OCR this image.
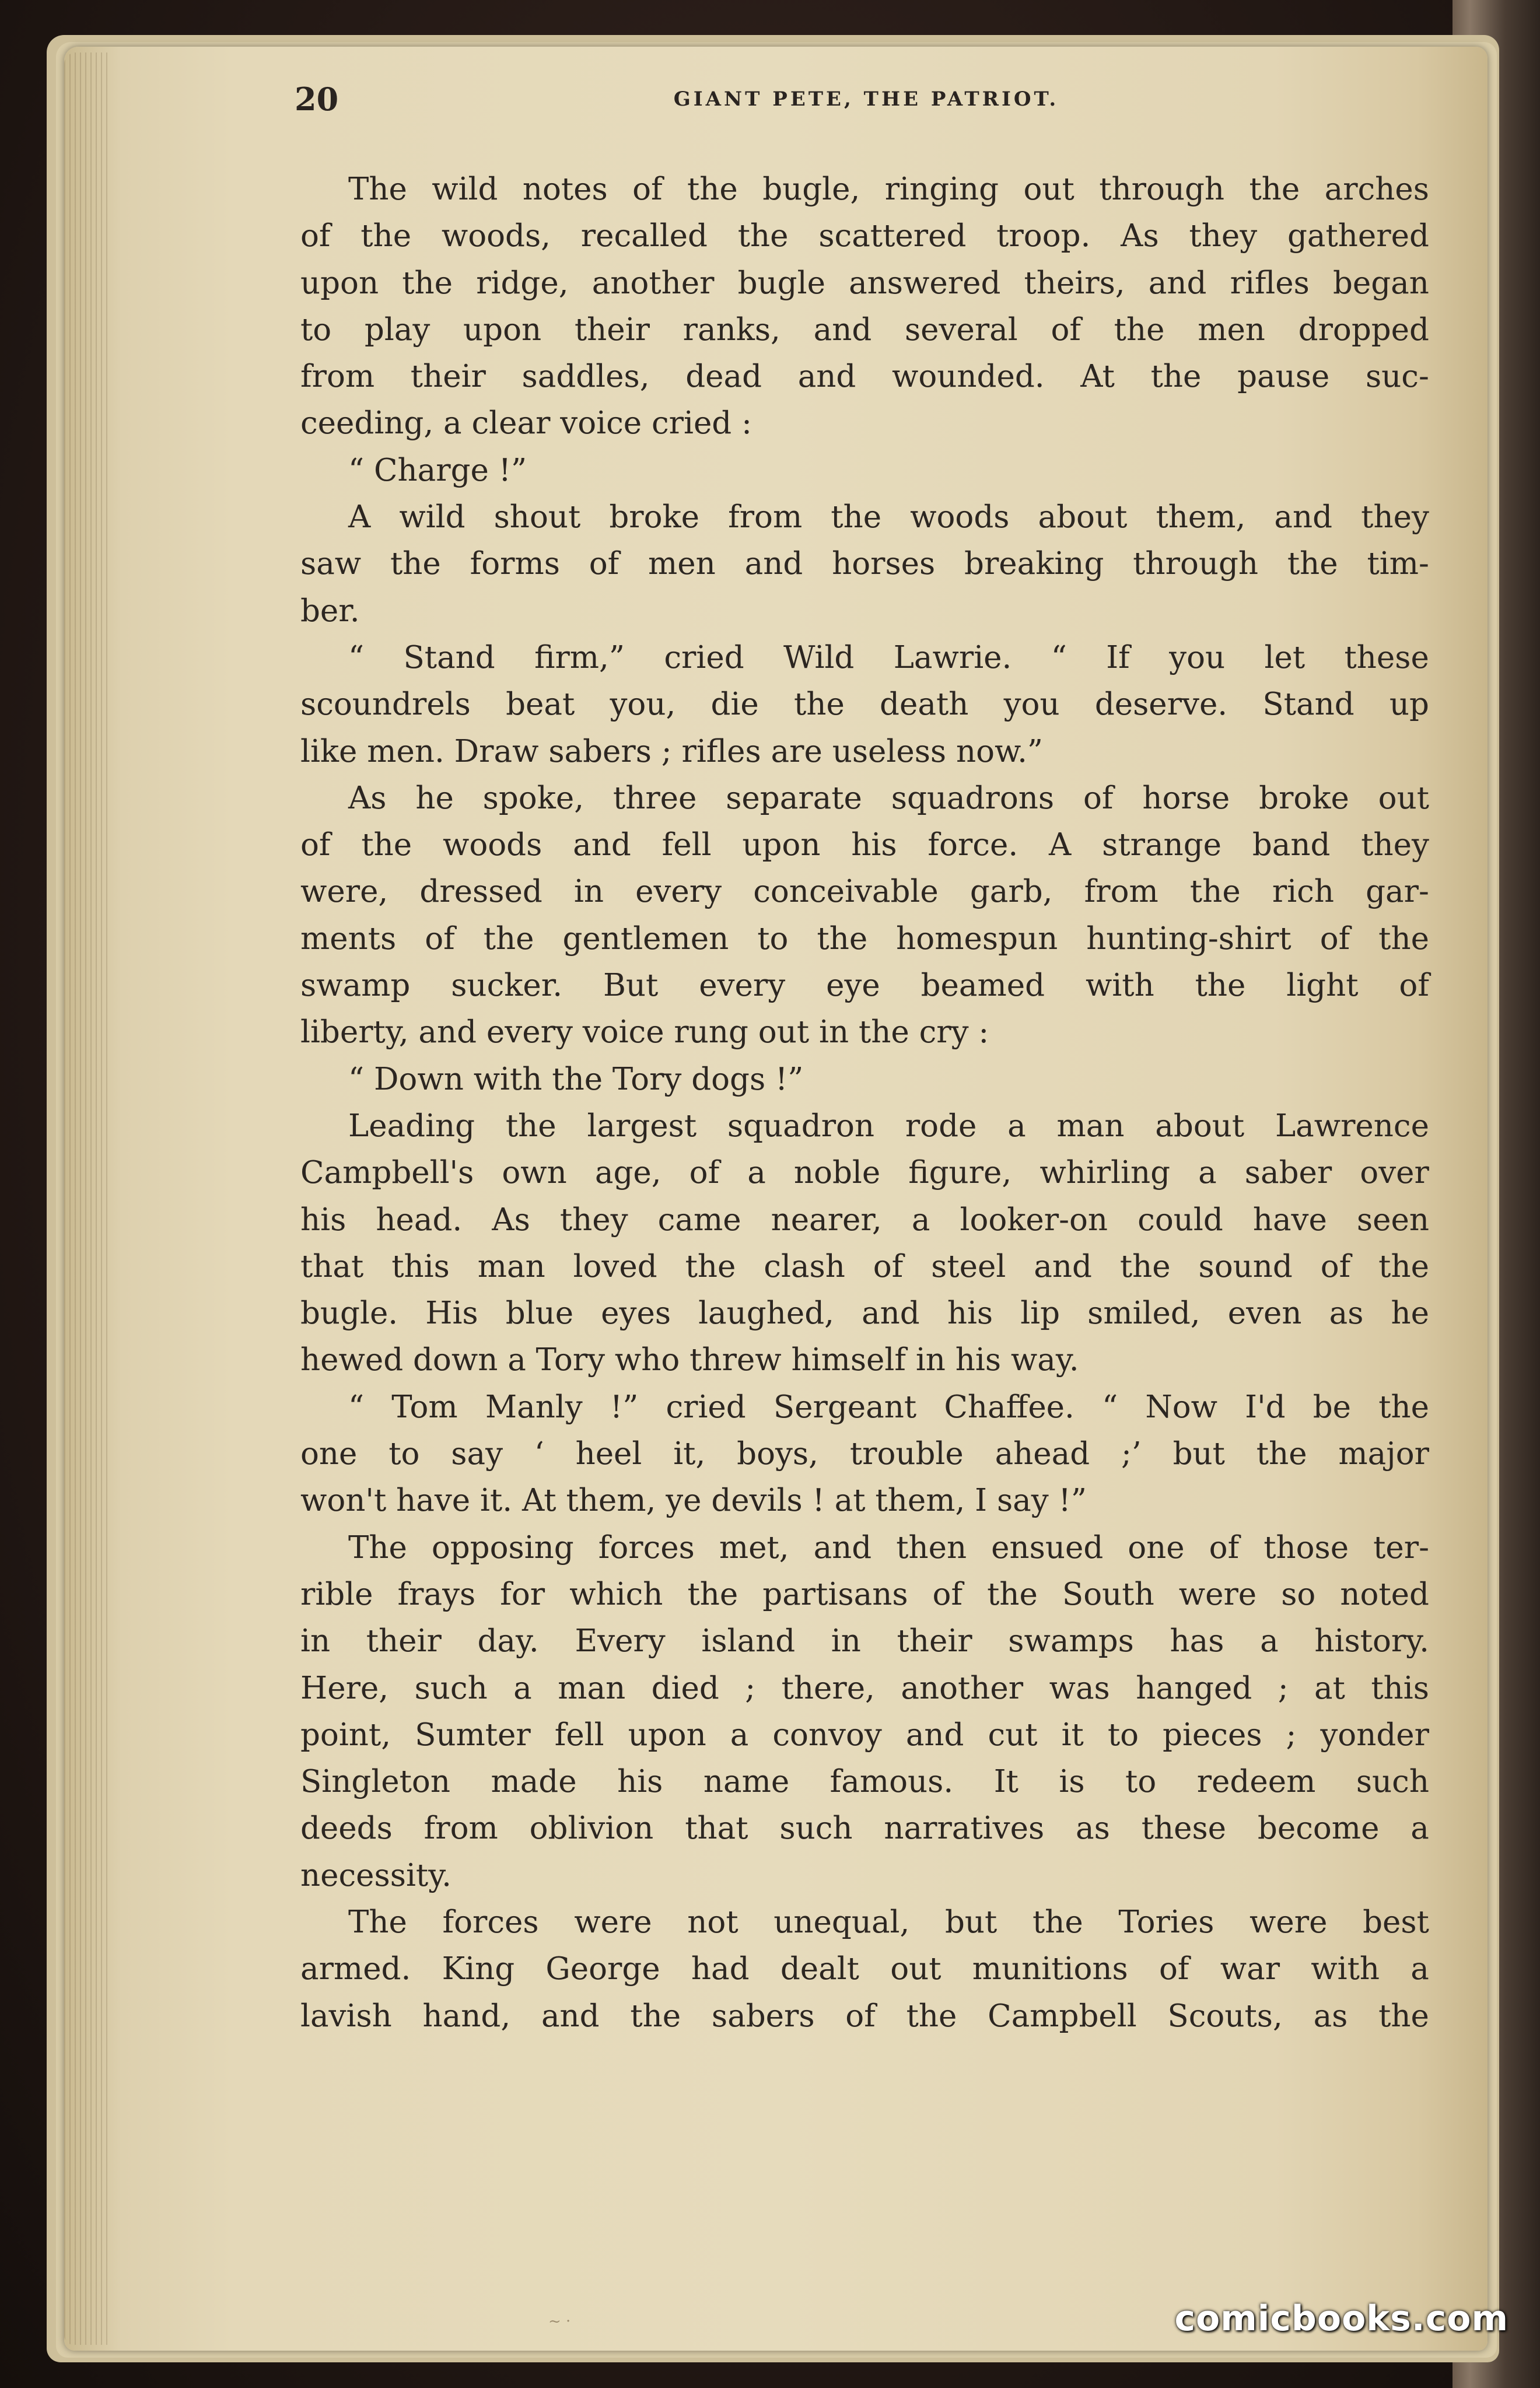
20	GIANT PETE, THE PATRIOT.
The wild notes of the bugle, ringing out through the arches
of the woods, recalled the scattered troop. As they gathered
upon the ridge, another bugle answered theirs, and rifles began
to play upon their ranks, and several of the men dropped
from their saddles, dead and wounded. At the pause suc-
ceeding, a clear voice cried :
“ Charge !”
A wild shout broke from the woods about them, and they
saw the forms of men and horses breaking through the tim-
ber.
“ Stand firm,” cried Wild Lawrie. “ If you let these
scoundrels beat you, die the death you deserve. Stand up
like men. Draw sabers ; rifles are useless now.”
As he spoke, three separate squadrons of horse broke out
of the woods and fell upon his force. A strange band they
were, dressed in every conceivable garb, from the rich gar-
ments of the gentlemen to the homespun hunting-shirt of the
swamp sucker. But every eye beamed with the light of
liberty, and every voice rung out in the cry :
“ Down with the Tory dogs !”
Leading the largest squadron rode a man about Lawrence
Campbell's own age, of a noble figure, whirling a saber over
his head. As they came nearer, a looker-on could have seen
that this man loved the clash of steel and the sound of the
bugle. His blue eyes laughed, and his lip smiled, even as he
hewed down a Tory who threw himself in his way.
“ Tom Manly !” cried Sergeant Chaffee. “ Now I'd be the
one to say ‘ heel it, boys, trouble ahead ;’ but the major
won't have it. At them, ye devils ! at them, I say !”
The opposing forces met, and then ensued one of those ter-
rible frays for which the partisans of the South were so noted
in their day. Every island in their swamps has a history.
Here, such a man died ; there, another was hanged ; at this
point, Sumter fell upon a convoy and cut it to pieces ; yonder
Singleton made his name famous. It is to redeem such
deeds from oblivion that such narratives as these become a
necessity.
The forces were not unequal, but the Tories were best
armed. King George had dealt out munitions of war with a
lavish hand, and the sabers of the Campbell Scouts, as the
~ ·	comicbooks.com
